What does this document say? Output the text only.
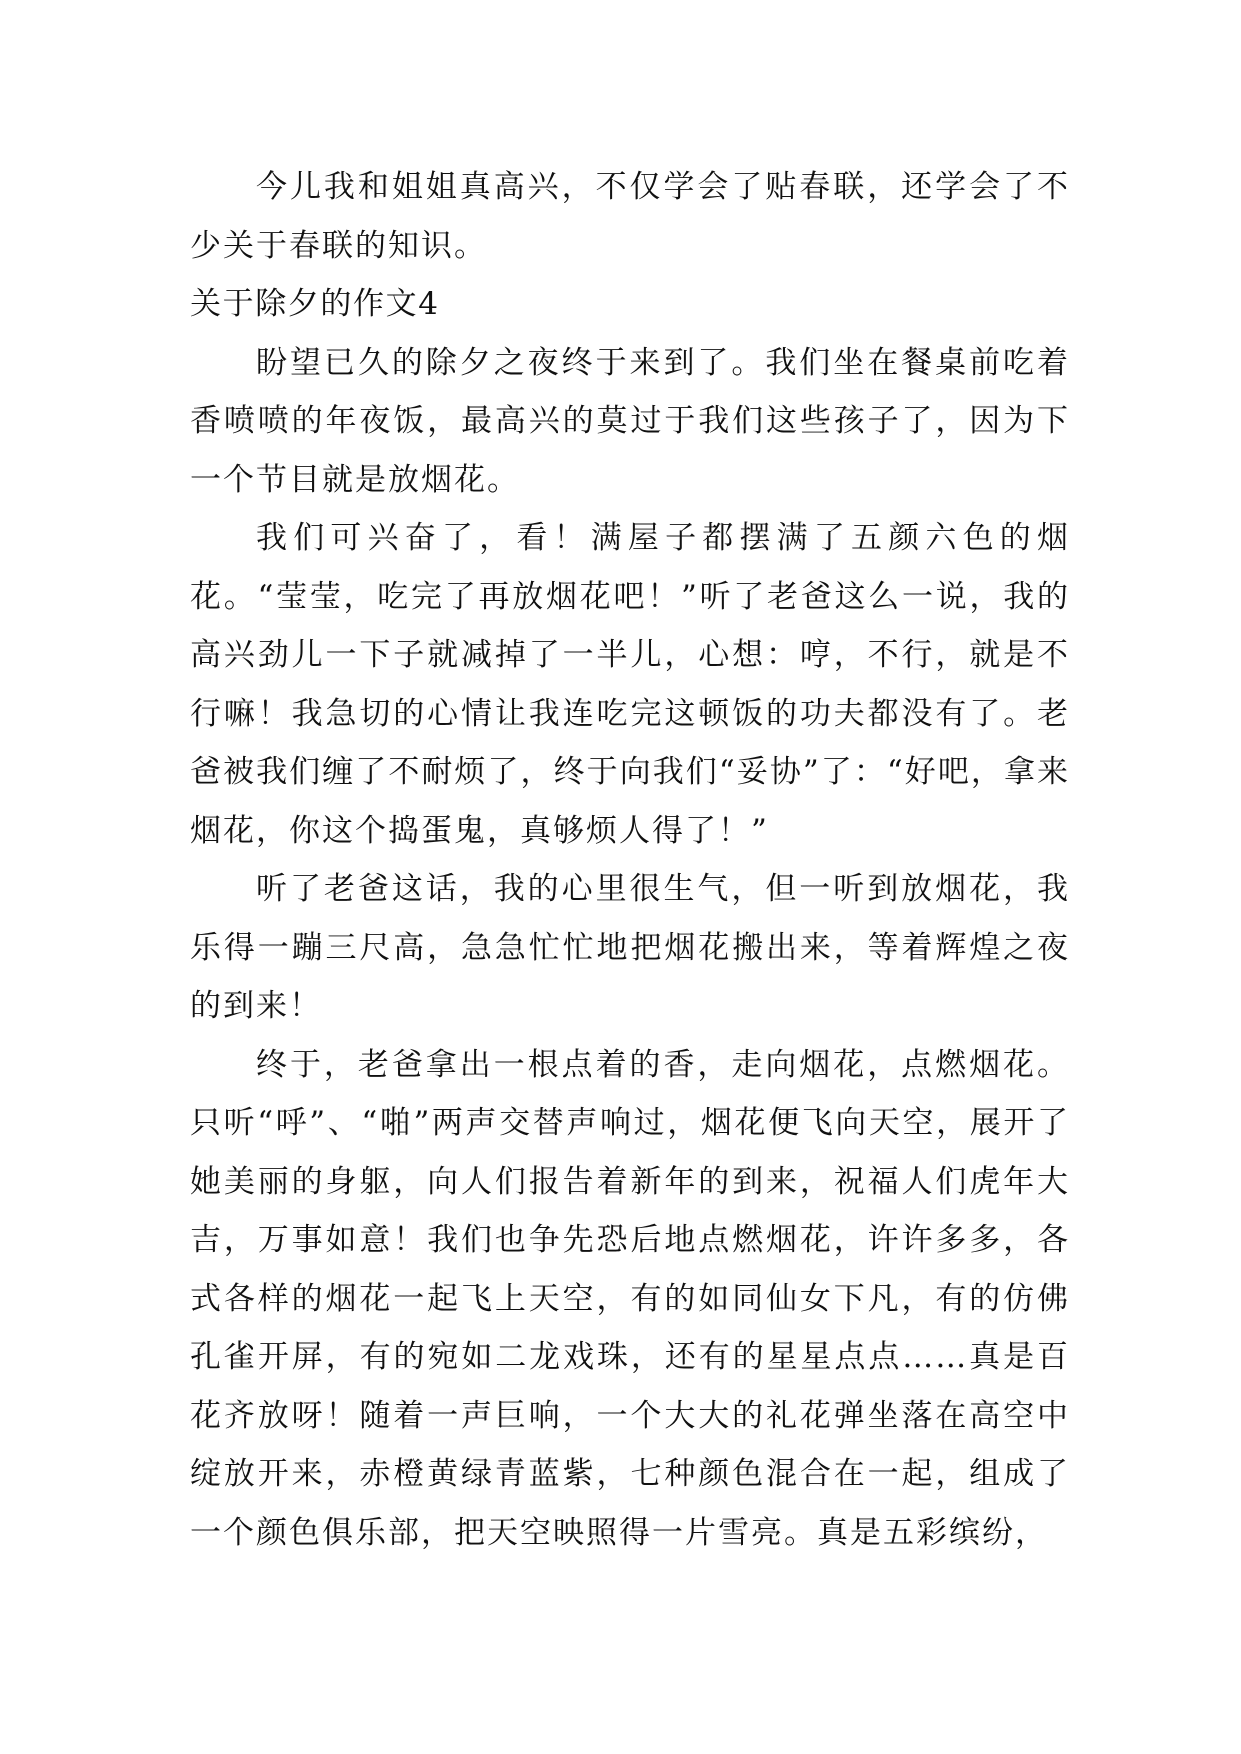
今儿我和姐姐真高兴，不仅学会了贴春联，还学会了不少关于春联的知识。

关于除夕的作文4

盼望已久的除夕之夜终于来到了。我们坐在餐桌前吃着香喷喷的年夜饭，最高兴的莫过于我们这些孩子了，因为下一个节目就是放烟花。

我们可兴奋了，看！满屋子都摆满了五颜六色的烟花。“莹莹，吃完了再放烟花吧！”听了老爸这么一说，我的高兴劲儿一下子就减掉了一半儿，心想：哼，不行，就是不行嘛！我急切的心情让我连吃完这顿饭的功夫都没有了。老爸被我们缠了不耐烦了，终于向我们“妥协”了：“好吧，拿来烟花，你这个捣蛋鬼，真够烦人得了！”

听了老爸这话，我的心里很生气，但一听到放烟花，我乐得一蹦三尺高，急急忙忙地把烟花搬出来，等着辉煌之夜的到来！

终于，老爸拿出一根点着的香，走向烟花，点燃烟花。只听“呼”、“啪”两声交替声响过，烟花便飞向天空，展开了她美丽的身躯，向人们报告着新年的到来，祝福人们虎年大吉，万事如意！我们也争先恐后地点燃烟花，许许多多，各式各样的烟花一起飞上天空，有的如同仙女下凡，有的仿佛孔雀开屏，有的宛如二龙戏珠，还有的星星点点……真是百花齐放呀！随着一声巨响，一个大大的礼花弹坐落在高空中绽放开来，赤橙黄绿青蓝紫，七种颜色混合在一起，组成了一个颜色俱乐部，把天空映照得一片雪亮。真是五彩缤纷，
